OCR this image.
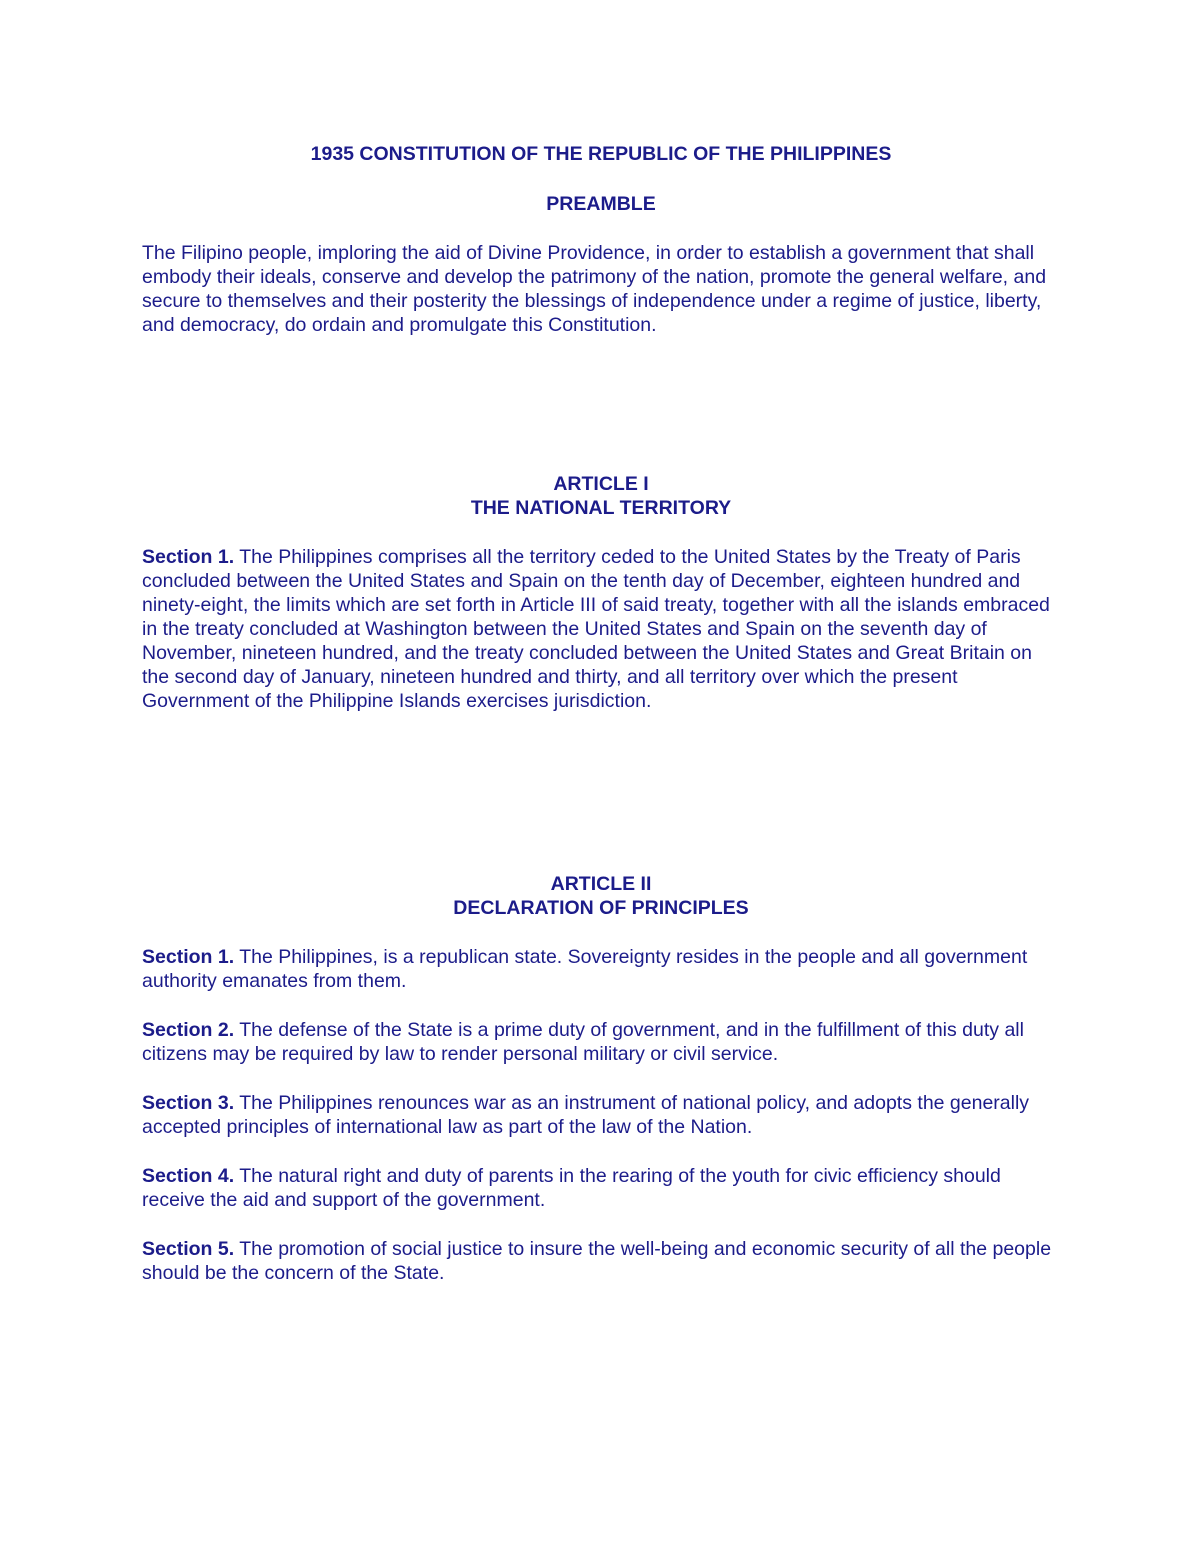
1935 CONSTITUTION OF THE REPUBLIC OF THE PHILIPPINES

PREAMBLE

The Filipino people, imploring the aid of Divine Providence, in order to establish a government that shall embody their ideals, conserve and develop the patrimony of the nation, promote the general welfare, and secure to themselves and their posterity the blessings of independence under a regime of justice, liberty, and democracy, do ordain and promulgate this Constitution.

ARTICLE I

THE NATIONAL TERRITORY

Section 1. The Philippines comprises all the territory ceded to the United States by the Treaty of Paris concluded between the United States and Spain on the tenth day of December, eighteen hundred and ninety-eight, the limits which are set forth in Article III of said treaty, together with all the islands embraced in the treaty concluded at Washington between the United States and Spain on the seventh day of November, nineteen hundred, and the treaty concluded between the United States and Great Britain on the second day of January, nineteen hundred and thirty, and all territory over which the present Government of the Philippine Islands exercises jurisdiction.

ARTICLE II

DECLARATION OF PRINCIPLES

Section 1. The Philippines, is a republican state. Sovereignty resides in the people and all government authority emanates from them.

Section 2. The defense of the State is a prime duty of government, and in the fulfillment of this duty all citizens may be required by law to render personal military or civil service.

Section 3. The Philippines renounces war as an instrument of national policy, and adopts the generally accepted principles of international law as part of the law of the Nation.

Section 4. The natural right and duty of parents in the rearing of the youth for civic efficiency should receive the aid and support of the government.

Section 5. The promotion of social justice to insure the well-being and economic security of all the people should be the concern of the State.
